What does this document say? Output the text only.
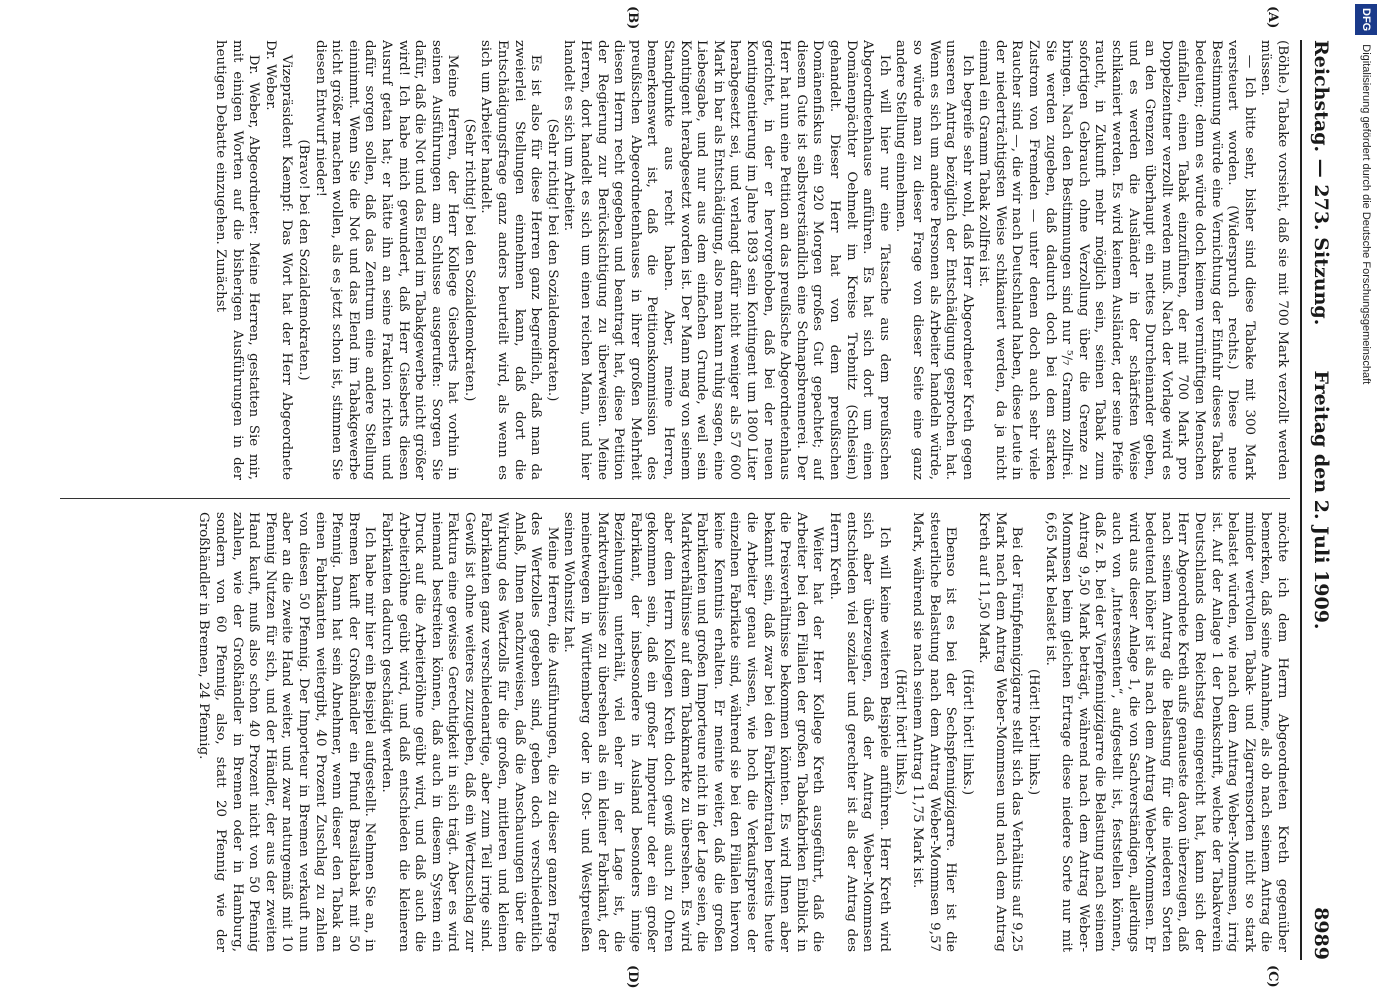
Reichstag. — 273. Sitzung.
Freitag den 2. Juli 1909.
8989

(Böhle.) Tabake vorsieht, daß sie mit 700 Mark verzollt werden müssen.

— Ich bitte sehr, bisher sind diese Tabake mit 300 Mark versteuert worden. (Widerspruch rechts.) Diese neue Bestimmung würde eine Vernichtung der Einfuhr dieses Tabaks bedeuten; denn es würde doch keinem vernünftigen Menschen einfallen, einen Tabak einzuführen, der mit 700 Mark pro Doppelzentner verzollt werden muß. Nach der Vorlage wird es an den Grenzen überhaupt ein nettes Durcheinander geben, und es werden die Ausländer in der schärfsten Weise schikaniert werden. Es wird keinem Ausländer, der seine Pfeife raucht, in Zukunft mehr möglich sein, seinen Tabak zum sofortigen Gebrauch ohne Verzollung über die Grenze zu bringen. Nach den Bestimmungen sind nur ⁵/₇ Gramm zollfrei. Sie werden zugeben, daß dadurch doch bei dem starken Zustrom von Fremden — unter denen doch auch sehr viele Raucher sind —, die wir nach Deutschland haben, diese Leute in der niederträchtigsten Weise schikaniert werden, da ja nicht einmal ein Gramm Tabak zollfrei ist.

Ich begreife sehr wohl, daß Herr Abgeordneter Kreth gegen unseren Antrag bezüglich der Entschädigung gesprochen hat. Wenn es sich um andere Personen als Arbeiter handeln würde, so würde man zu dieser Frage von dieser Seite eine ganz andere Stellung einnehmen.

Ich will hier nur eine Tatsache aus dem preußischen Abgeordnetenhause anführen. Es hat sich dort um einen Domänenpächter Oehmelt im Kreise Trebnitz (Schlesien) gehandelt. Dieser Herr hat von dem preußischen Domänenfiskus ein 920 Morgen großes Gut gepachtet; auf diesem Gute ist selbstverständlich eine Schnapsbrennerei. Der Herr hat nun eine Petition an das preußische Abgeordnetenhaus gerichtet, in der er hervorgehoben, daß bei der neuen Kontingentierung im Jahre 1893 sein Kontingent um 1800 Liter herabgesetzt sei, und verlangt dafür nicht weniger als 57 600 Mark in bar als Entschädigung, also man kann ruhig sagen, eine Liebesgabe, und nur aus dem einfachen Grunde, weil sein Kontingent herabgesetzt worden ist. Der Mann mag von seinem Standpunkte aus recht haben. Aber, meine Herren, bemerkenswert ist, daß die Petitionskommission des preußischen Abgeordnetenhauses in ihrer großen Mehrheit diesen Herrn recht gegeben und beantragt hat, diese Petition der Regierung zur Berücksichtigung zu überweisen. Meine Herren, dort handelt es sich um einen reichen Mann, und hier handelt es sich um Arbeiter.

(Sehr richtig! bei den Sozialdemokraten.)

Es ist also für diese Herren ganz begreiflich, daß man da zweierlei Stellungen einnehmen kann, daß dort die Entschädigungsfrage ganz anders beurteilt wird, als wenn es sich um Arbeiter handelt.

(Sehr richtig! bei den Sozialdemokraten.)

Meine Herren, der Herr Kollege Giesberts hat vorhin in seinen Ausführungen am Schlusse ausgerufen: Sorgen Sie dafür, daß die Not und das Elend im Tabakgewerbe nicht größer wird! Ich habe mich gewundert, daß Herr Giesberts diesen Ausruf getan hat; er hätte ihn an seine Fraktion richten und dafür sorgen sollen, daß das Zentrum eine andere Stellung einnimmt. Wenn Sie die Not und das Elend im Tabakgewerbe nicht größer machen wollen, als es jetzt schon ist, stimmen Sie diesen Entwurf nieder!

(Bravo! bei den Sozialdemokraten.)

Vizepräsident Kaempf: Das Wort hat der Herr Abgeordnete Dr. Weber.

Dr. Weber, Abgeordneter: Meine Herren, gestatten Sie mir, mit einigen Worten auf die bisherigen Ausführungen in der heutigen Debatte einzugehen. Zunächst

möchte ich dem Herrn Abgeordneten Kreth gegenüber bemerken, daß seine Annahme, als ob nach seinem Antrag die minder wertvollen Tabak- und Zigarrensorten nicht so stark belastet würden, wie nach dem Antrag Weber-Mommsen, irrig ist. Auf der Anlage 1 der Denkschrift, welche der Tabakverein Deutschlands dem Reichstag eingereicht hat, kann sich der Herr Abgeordnete Kreth aufs genaueste davon überzeugen, daß nach seinem Antrag die Belastung für die niederen Sorten bedeutend höher ist als nach dem Antrag Weber-Mommsen. Er wird aus dieser Anlage 1, die von Sachverständigen, allerdings auch von „Interessenten“, aufgestellt ist, feststellen können, daß z. B. bei der Vierpfennigzigarre die Belastung nach seinem Antrag 9,50 Mark beträgt, während nach dem Antrag Weber-Mommsen beim gleichen Ertrage diese niedere Sorte nur mit 6,65 Mark belastet ist.

(Hört! hört! links.)

Bei der Fünfpfennigzigarre stellt sich das Verhältnis auf 9,25 Mark nach dem Antrag Weber-Mommsen und nach dem Antrag Kreth auf 11,50 Mark.

(Hört! hört! links.)

Ebenso ist es bei der Sechspfennigzigarre. Hier ist die steuerliche Belastung nach dem Antrag Weber-Mommsen 9,57 Mark, während sie nach seinem Antrag 11,75 Mark ist.

(Hört! hört! links.)

Ich will keine weiteren Beispiele anführen. Herr Kreth wird sich aber überzeugen, daß der Antrag Weber-Mommsen entschieden viel sozialer und gerechter ist als der Antrag des Herrn Kreth.

Weiter hat der Herr Kollege Kreth ausgeführt, daß die Arbeiter bei den Filialen der großen Tabakfabriken Einblick in die Preisverhältnisse bekommen könnten. Es wird Ihnen aber bekannt sein, daß zwar bei den Fabrikzentralen bereits heute die Arbeiter genau wissen, wie hoch die Verkaufspreise der einzelnen Fabrikate sind, während sie bei den Filialen hiervon keine Kenntnis erhalten. Er meinte weiter, daß die großen Fabrikanten und großen Importeure nicht in der Lage seien, die Marktverhältnisse auf dem Tabakmarkte zu übersehen. Es wird aber dem Herrn Kollegen Kreth doch gewiß auch zu Ohren gekommen sein, daß ein großer Importeur oder ein großer Fabrikant, der insbesondere in Ausland besonders innige Beziehungen unterhält, viel eher in der Lage ist, die Marktverhältnisse zu übersehen als ein kleiner Fabrikant, der meinetwegen in Württemberg oder in Ost- und Westpreußen seinen Wohnsitz hat.

Meine Herren, die Ausführungen, die zu dieser ganzen Frage des Wertzolles gegeben sind, geben doch verschiedentlich Anlaß, Ihnen nachzuweisen, daß die Anschauungen über die Wirkung des Wertzolls für die großen, mittleren und kleinen Fabrikanten ganz verschiedenartige, aber zum Teil irrige sind. Gewiß ist ohne weiteres zuzugeben, daß ein Wertzuschlag zur Faktura eine gewisse Gerechtigkeit in sich trägt. Aber es wird niemand bestreiten können, daß auch in diesem System ein Druck auf die Arbeiterlöhne geübt wird, und daß auch die Arbeiterlöhne geübt wird, und daß entschieden die kleineren Fabrikanten dadurch geschädigt werden.

Ich habe mir hier ein Beispiel aufgestellt. Nehmen Sie an, in Bremen kauft der Großhändler ein Pfund Brasiltabak mit 50 Pfennig. Dann hat sein Abnehmer, wenn dieser den Tabak an einen Fabrikanten weitergibt, 40 Prozent Zuschlag zu zahlen von diesen 50 Pfennig. Der Importeur in Bremen verkauft nun aber an die zweite Hand weiter, und zwar naturgemäß mit 10 Pfennig Nutzen für sich, und der Händler, der aus der zweiten Hand kauft, muß also schon 40 Prozent nicht von 50 Pfennig zahlen, wie der Großhändler in Bremen oder in Hamburg, sondern von 60 Pfennig, also, statt 20 Pfennig wie der Großhändler in Bremen, 24 Pfennig.

(A)
(B)
(C)
(D)
DFG Digitalisierung gefördert durch die Deutsche Forschungsgemeinschaft
